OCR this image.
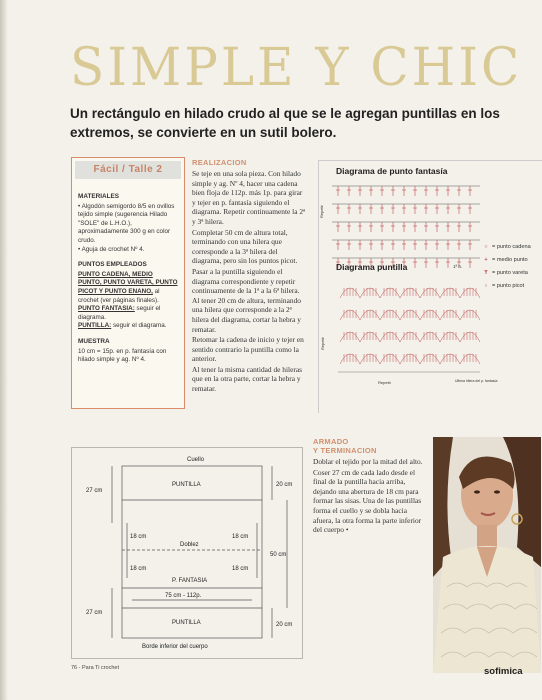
SIMPLE Y CHIC
Un rectángulo en hilado crudo al que se le agregan puntillas en los extremos, se convierte en un sutil bolero.
Fácil / Talle 2
MATERIALES

• Algodón semigordo 8/5 en ovillos tejido simple (sugerencia Hilado "SOLE" de L.H.O.), aproximadamente 300 g en color crudo.

• Aguja de crochet Nº 4.

PUNTOS EMPLEADOS

PUNTO CADENA, MEDIO PUNTO, PUNTO VARETA, PUNTO PICOT Y PUNTO ENANO, al crochet (ver páginas finales).

PUNTO FANTASIA: seguir el diagrama.

PUNTILLA: seguir el diagrama.

MUESTRA

10 cm = 15p. en p. fantasía con hilado simple y ag. Nº 4.

REALIZACION

Se teje en una sola pieza. Con hilado simple y ag. Nº 4, hacer una cadena bien floja de 112p. más 1p. para girar y tejer en p. fantasía siguiendo el diagrama. Repetir continuamente la 2ª y 3ª hilera.

Completar 50 cm de altura total, terminando con una hilera que corresponde a la 3ª hilera del diagrama, pero sin los puntos picot.

Pasar a la puntilla siguiendo el diagrama correspondiente y repetir continuamente de la 1ª a la 6ª hilera. Al tener 20 cm de altura, terminando una hilera que corresponde a la 2ª hilera del diagrama, cortar la hebra y rematar.

Retomar la cadena de inicio y tejer en sentido contrario la puntilla como la anterior.

Al tener la misma cantidad de hileras que en la otra parte, cortar la hebra y rematar.

Diagrama de punto fantasía
Repetir
1ª h.
Diagrama puntilla
Repetir
Repetir	Ultima hilera del p. fantasía
○ = punto cadena
+ = medio punto
Ŧ = punto vareta
♁ = punto picot
ARMADO
Y TERMINACION

Doblar el tejido por la mitad del alto.

Coser 27 cm de cada lado desde el final de la puntilla hacia arriba, dejando una abertura de 18 cm para formar las sisas. Una de las puntillas forma el cuello y se dobla hacia afuera, la otra forma la parte inferior del cuerpo •

Cuello
PUNTILLA
Doblez
P. FANTASIA
75 cm - 112p.
PUNTILLA
Borde inferior del cuerpo
27 cm
20 cm
18 cm	18 cm
18 cm	18 cm
50 cm
27 cm
20 cm
76 - Para Ti crochet	sofimica
